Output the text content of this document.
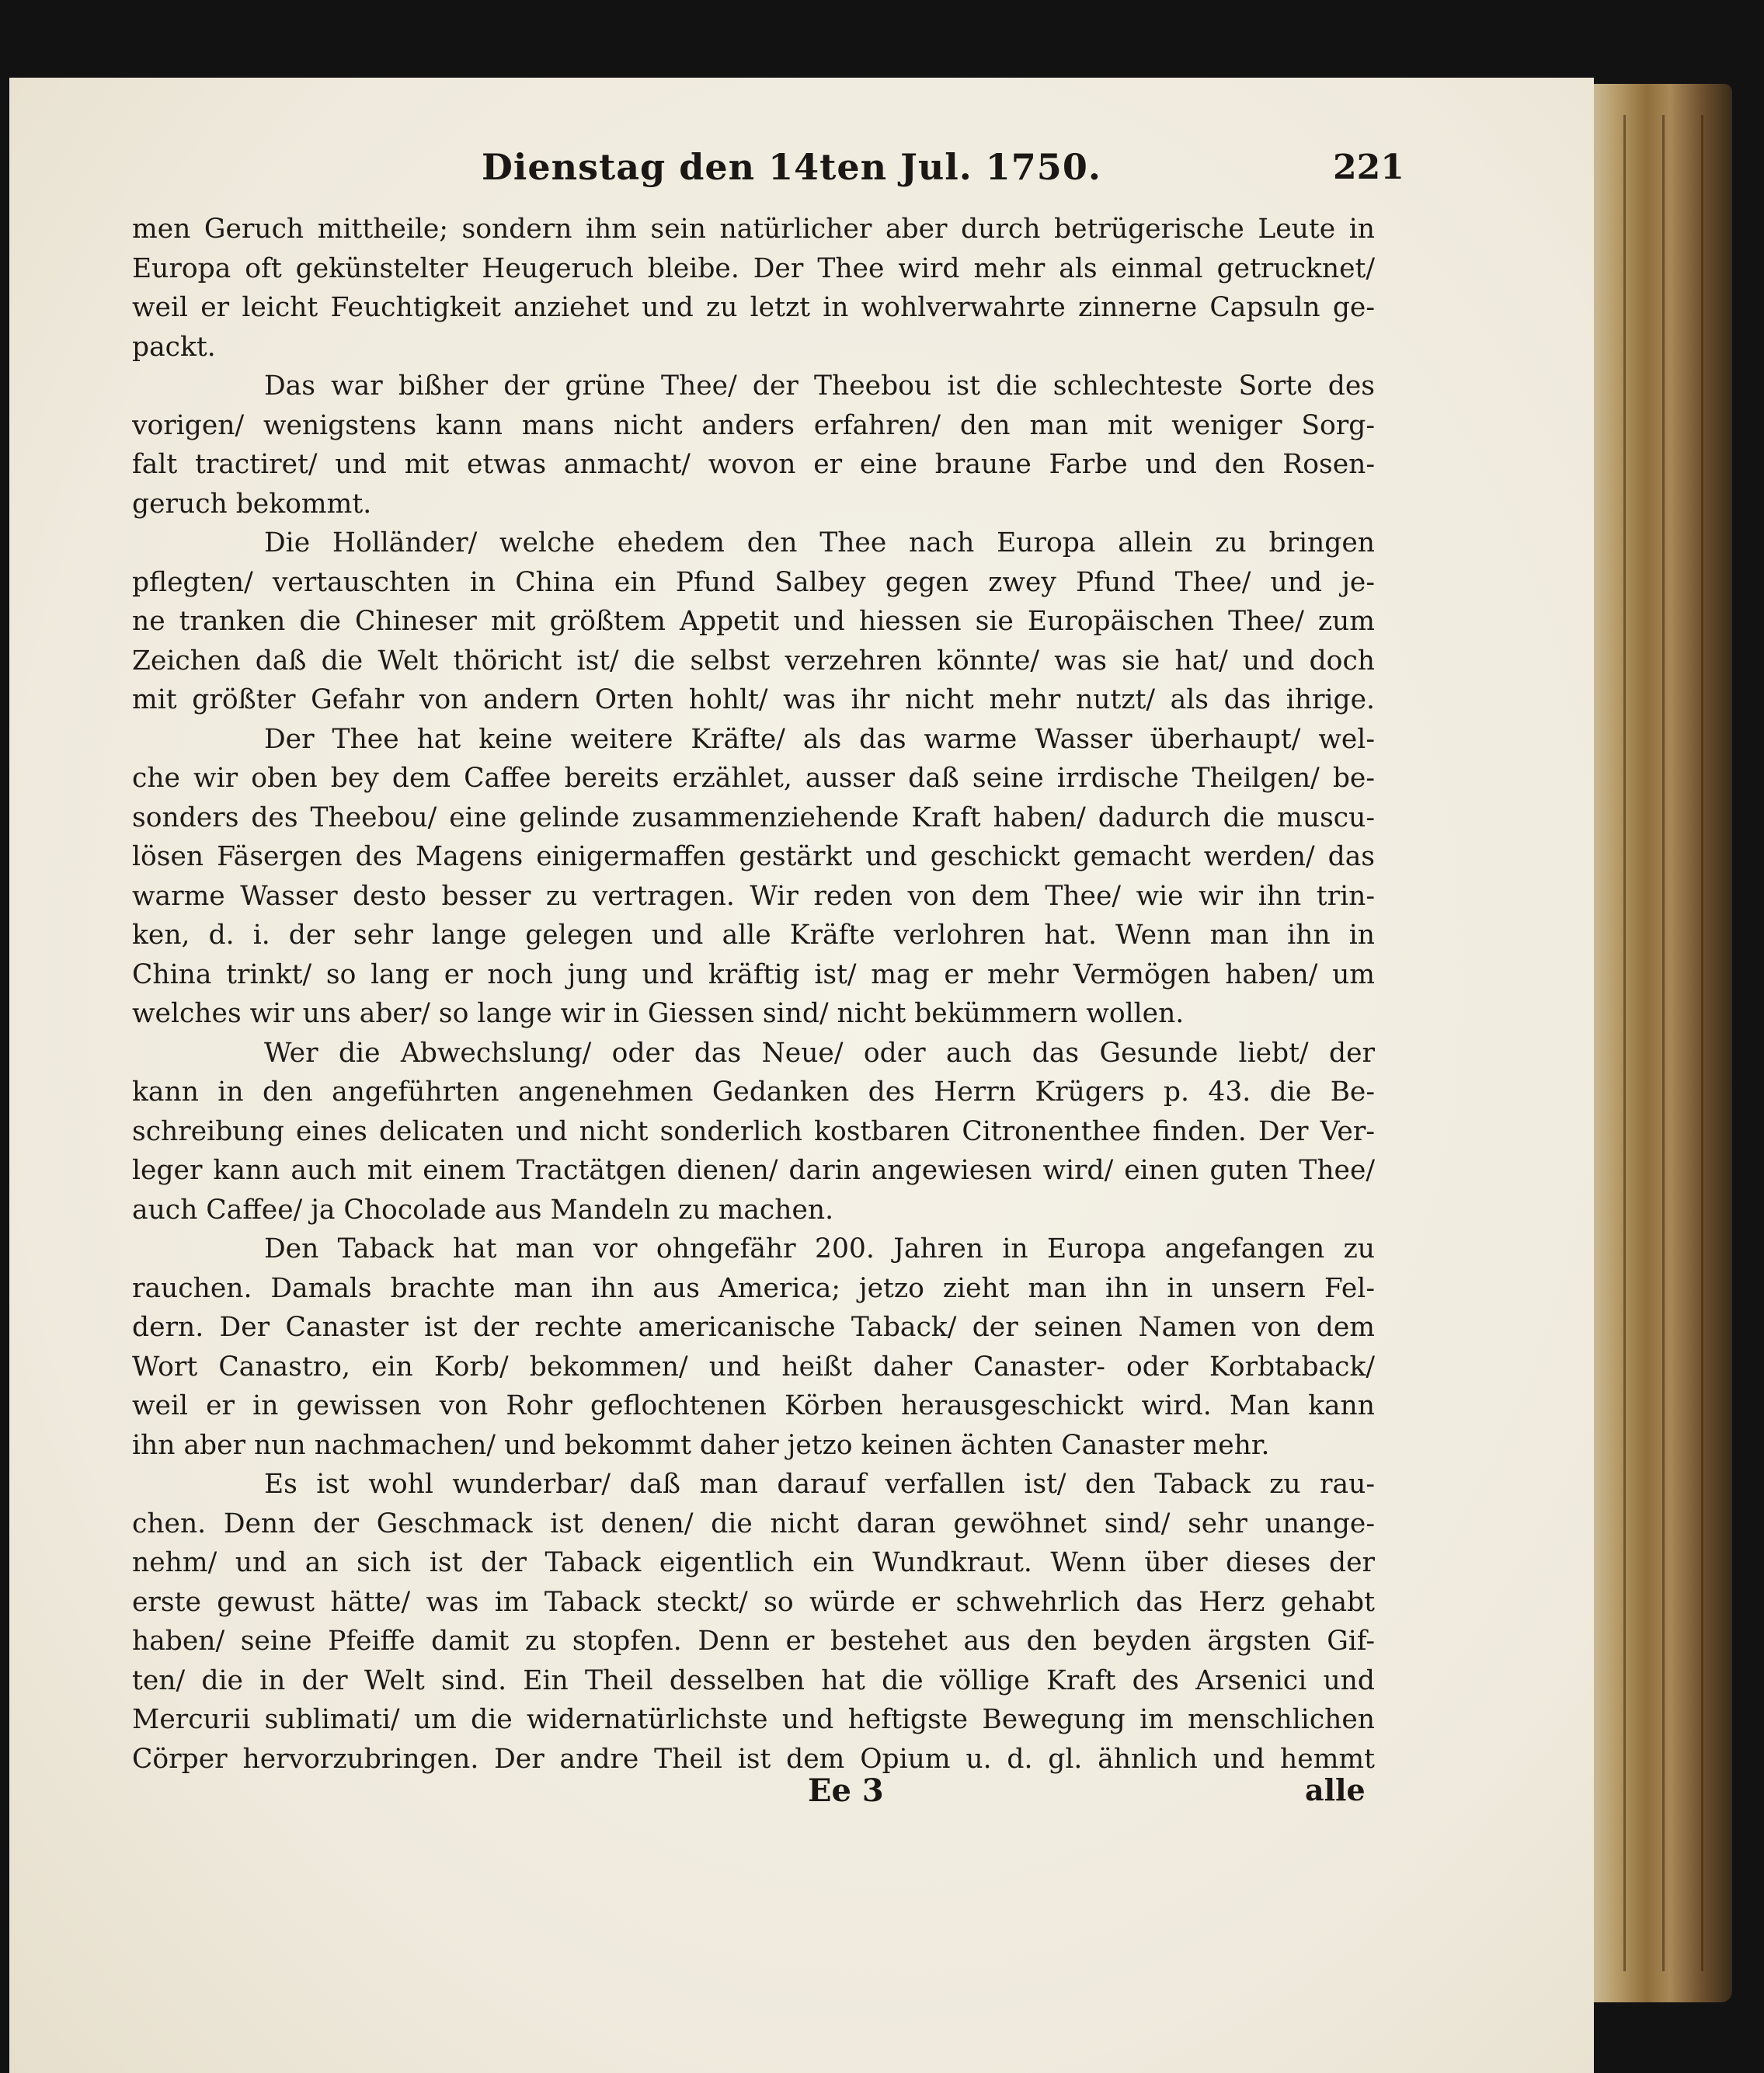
Dienstag den 14ten Jul. 1750.	221
men Geruch mittheile; sondern ihm sein natürlicher aber durch betrügerische Leute in
Europa oft gekünstelter Heugeruch bleibe. Der Thee wird mehr als einmal getrucknet/
weil er leicht Feuchtigkeit anziehet und zu letzt in wohlverwahrte zinnerne Capsuln ge-
packt.
Das war bißher der grüne Thee/ der Theebou ist die schlechteste Sorte des
vorigen/ wenigstens kann mans nicht anders erfahren/ den man mit weniger Sorg-
falt tractiret/ und mit etwas anmacht/ wovon er eine braune Farbe und den Rosen-
geruch bekommt.
Die Holländer/ welche ehedem den Thee nach Europa allein zu bringen
pflegten/ vertauschten in China ein Pfund Salbey gegen zwey Pfund Thee/ und je-
ne tranken die Chineser mit größtem Appetit und hiessen sie Europäischen Thee/ zum
Zeichen daß die Welt thöricht ist/ die selbst verzehren könnte/ was sie hat/ und doch
mit größter Gefahr von andern Orten hohlt/ was ihr nicht mehr nutzt/ als das ihrige.
Der Thee hat keine weitere Kräfte/ als das warme Wasser überhaupt/ wel-
che wir oben bey dem Caffee bereits erzählet, ausser daß seine irrdische Theilgen/ be-
sonders des Theebou/ eine gelinde zusammenziehende Kraft haben/ dadurch die muscu-
lösen Fäsergen des Magens einigermaffen gestärkt und geschickt gemacht werden/ das
warme Wasser desto besser zu vertragen. Wir reden von dem Thee/ wie wir ihn trin-
ken, d. i. der sehr lange gelegen und alle Kräfte verlohren hat. Wenn man ihn in
China trinkt/ so lang er noch jung und kräftig ist/ mag er mehr Vermögen haben/ um
welches wir uns aber/ so lange wir in Giessen sind/ nicht bekümmern wollen.
Wer die Abwechslung/ oder das Neue/ oder auch das Gesunde liebt/ der
kann in den angeführten angenehmen Gedanken des Herrn Krügers p. 43. die Be-
schreibung eines delicaten und nicht sonderlich kostbaren Citronenthee finden. Der Ver-
leger kann auch mit einem Tractätgen dienen/ darin angewiesen wird/ einen guten Thee/
auch Caffee/ ja Chocolade aus Mandeln zu machen.
Den Taback hat man vor ohngefähr 200. Jahren in Europa angefangen zu
rauchen. Damals brachte man ihn aus America; jetzo zieht man ihn in unsern Fel-
dern. Der Canaster ist der rechte americanische Taback/ der seinen Namen von dem
Wort Canastro, ein Korb/ bekommen/ und heißt daher Canaster- oder Korbtaback/
weil er in gewissen von Rohr geflochtenen Körben herausgeschickt wird. Man kann
ihn aber nun nachmachen/ und bekommt daher jetzo keinen ächten Canaster mehr.
Es ist wohl wunderbar/ daß man darauf verfallen ist/ den Taback zu rau-
chen. Denn der Geschmack ist denen/ die nicht daran gewöhnet sind/ sehr unange-
nehm/ und an sich ist der Taback eigentlich ein Wundkraut. Wenn über dieses der
erste gewust hätte/ was im Taback steckt/ so würde er schwehrlich das Herz gehabt
haben/ seine Pfeiffe damit zu stopfen. Denn er bestehet aus den beyden ärgsten Gif-
ten/ die in der Welt sind. Ein Theil desselben hat die völlige Kraft des Arsenici und
Mercurii sublimati/ um die widernatürlichste und heftigste Bewegung im menschlichen
Cörper hervorzubringen. Der andre Theil ist dem Opium u. d. gl. ähnlich und hemmt
Ee 3	alle
